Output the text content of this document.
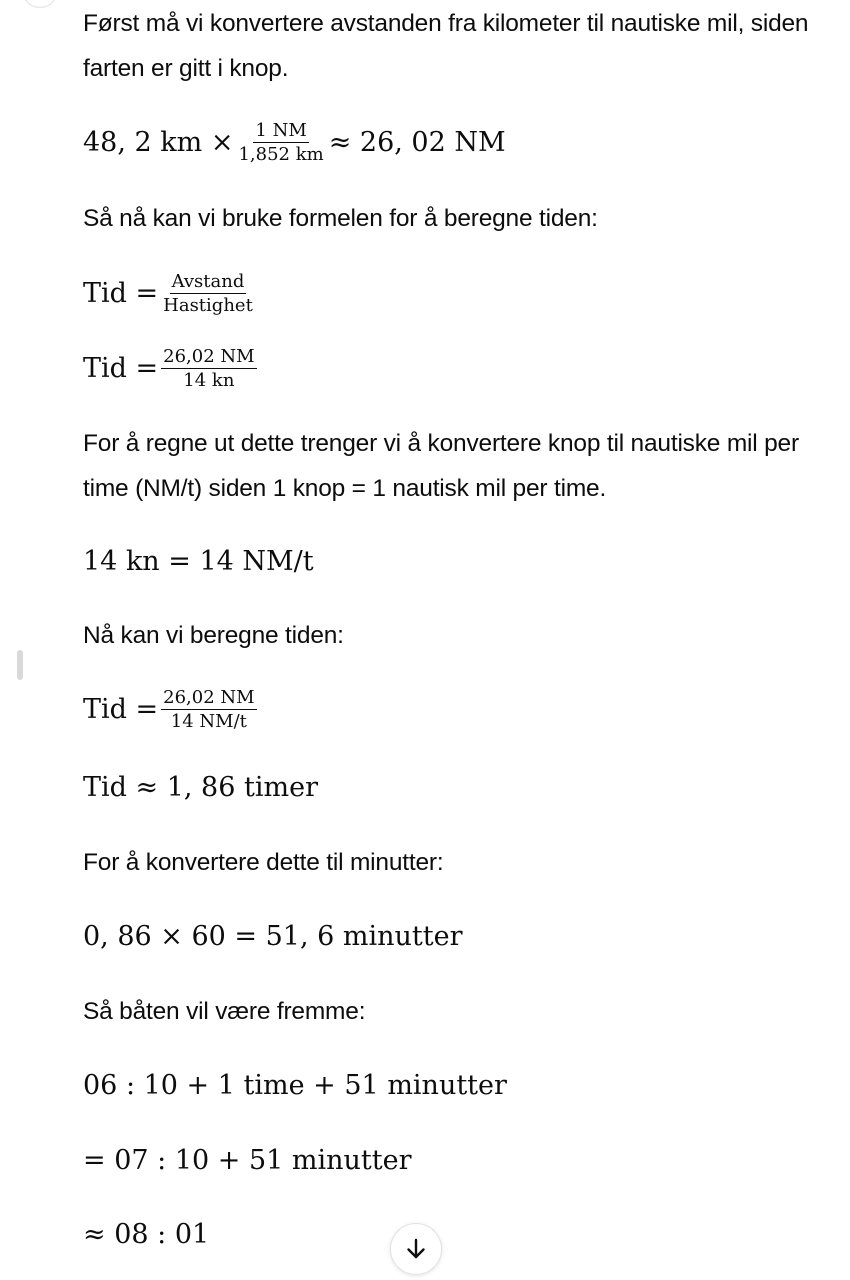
Først må vi konvertere avstanden fra kilometer til nautiske mil, siden farten er gitt i knop.
48, 2 km × $\frac{1 NM}{1,852 km} \approx 26$, 02 NM
Så nå kan vi bruke formelen for å beregne tiden:
Tid = $\frac{\text{Avstand}}{\text{Hastighet}}$
Tid = $\frac{26,02 NM}{14 kn}$
For å regne ut dette trenger vi å konvertere knop til nautiske mil per time (NM/t) siden 1 knop = 1 nautisk mil per time.
14 kn = 14 NM/t
Nå kan vi beregne tiden:
Tid = $\frac{26,02 NM}{14 NM/t}$
Tid ≈ 1, 86 timer
For å konvertere dette til minutter:
0, 86 × 60 = 51, 6 minutter
Så båten vil være fremme:
06 : 10 + 1 time + 51 minutter
= 07 : 10 + 51 minutter
≈ 08 : 01
